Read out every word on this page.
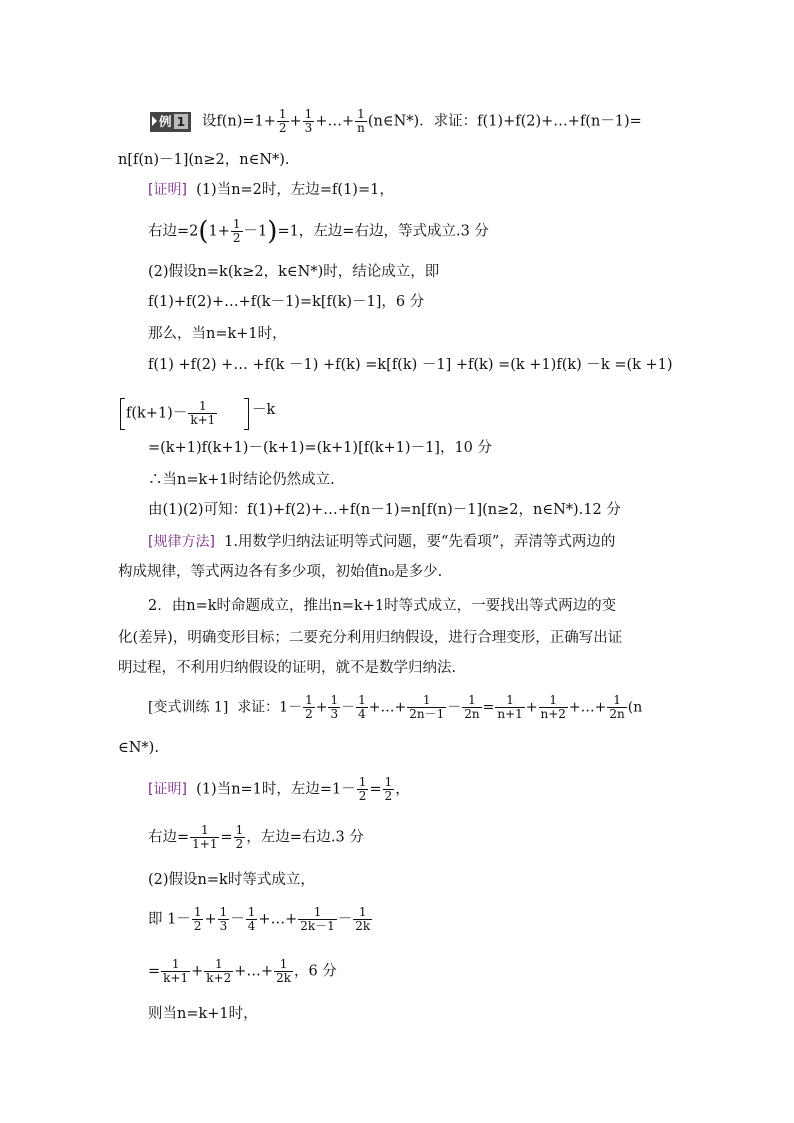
例 1 设$f(n)=1+ \frac{1}{2} + \frac{1}{3}$ +…+ $\frac{1}{n}$ (n∈N*)．求证：f(1)+f(2)+…+f(n－1)=
n[f(n)－1](n≥2，n∈N*).
[证明] (1)当n=2时，左边=f(1)=1，
右边$=2(1+ \frac{1}{2} -1)=1$，左边=右边，等式成立.3 分
(2)假设n=k(k≥2，k∈N*)时，结论成立，即
f(1)+f(2)+…+f(k－1)=k[f(k)－1]，6 分
那么，当n=k+1时，
f(1) +f(2) +… +f(k －1) +f(k) =k[f(k) －1] +f(k) =(k +1)f(k) －k =(k +1)
$f(k+1)- \frac{1}{k+1} -k$
=(k+1)f(k+1)－(k+1)=(k+1)[f(k+1)－1]，10 分
∴当n=k+1时结论仍然成立.
由(1)(2)可知：f(1)+f(2)+…+f(n－1)=n[f(n)－1](n≥2，n∈N*).12 分
[规律方法] 1.用数学归纳法证明等式问题，要“先看项”，弄清等式两边的
构成规律，等式两边各有多少项，初始值n₀是多少.
2．由n=k时命题成立，推出n=k+1时等式成立，一要找出等式两边的变
化(差异)，明确变形目标；二要充分利用归纳假设，进行合理变形，正确写出证
明过程，不利用归纳假设的证明，就不是数学归纳法.
[变式训练 1] 求证：$1- \frac{1}{2} + \frac{1}{3} - \frac{1}{4}$ +…+ $\frac{1}{2n-1} - \frac{1}{2n} = \frac{1}{n+1} + \frac{1}{n+2}$ +…+ $\frac{1}{2n} (n$
∈N*).
[证明] (1)当n=1时，左边$=1- \frac{1}{2} = \frac{1}{2}$ ，
右边= $\frac{1}{1+1} = \frac{1}{2}$ ，左边=右边.3 分
(2)假设n=k时等式成立，
即 $1- \frac{1}{2} + \frac{1}{3} - \frac{1}{4}$ +…+ $\frac{1}{2k-1} - \frac{1}{2k}$
= $\frac{1}{k+1} + \frac{1}{k+2}$ +…+ $\frac{1}{2k}$ ，6 分
则当n=k+1时，
